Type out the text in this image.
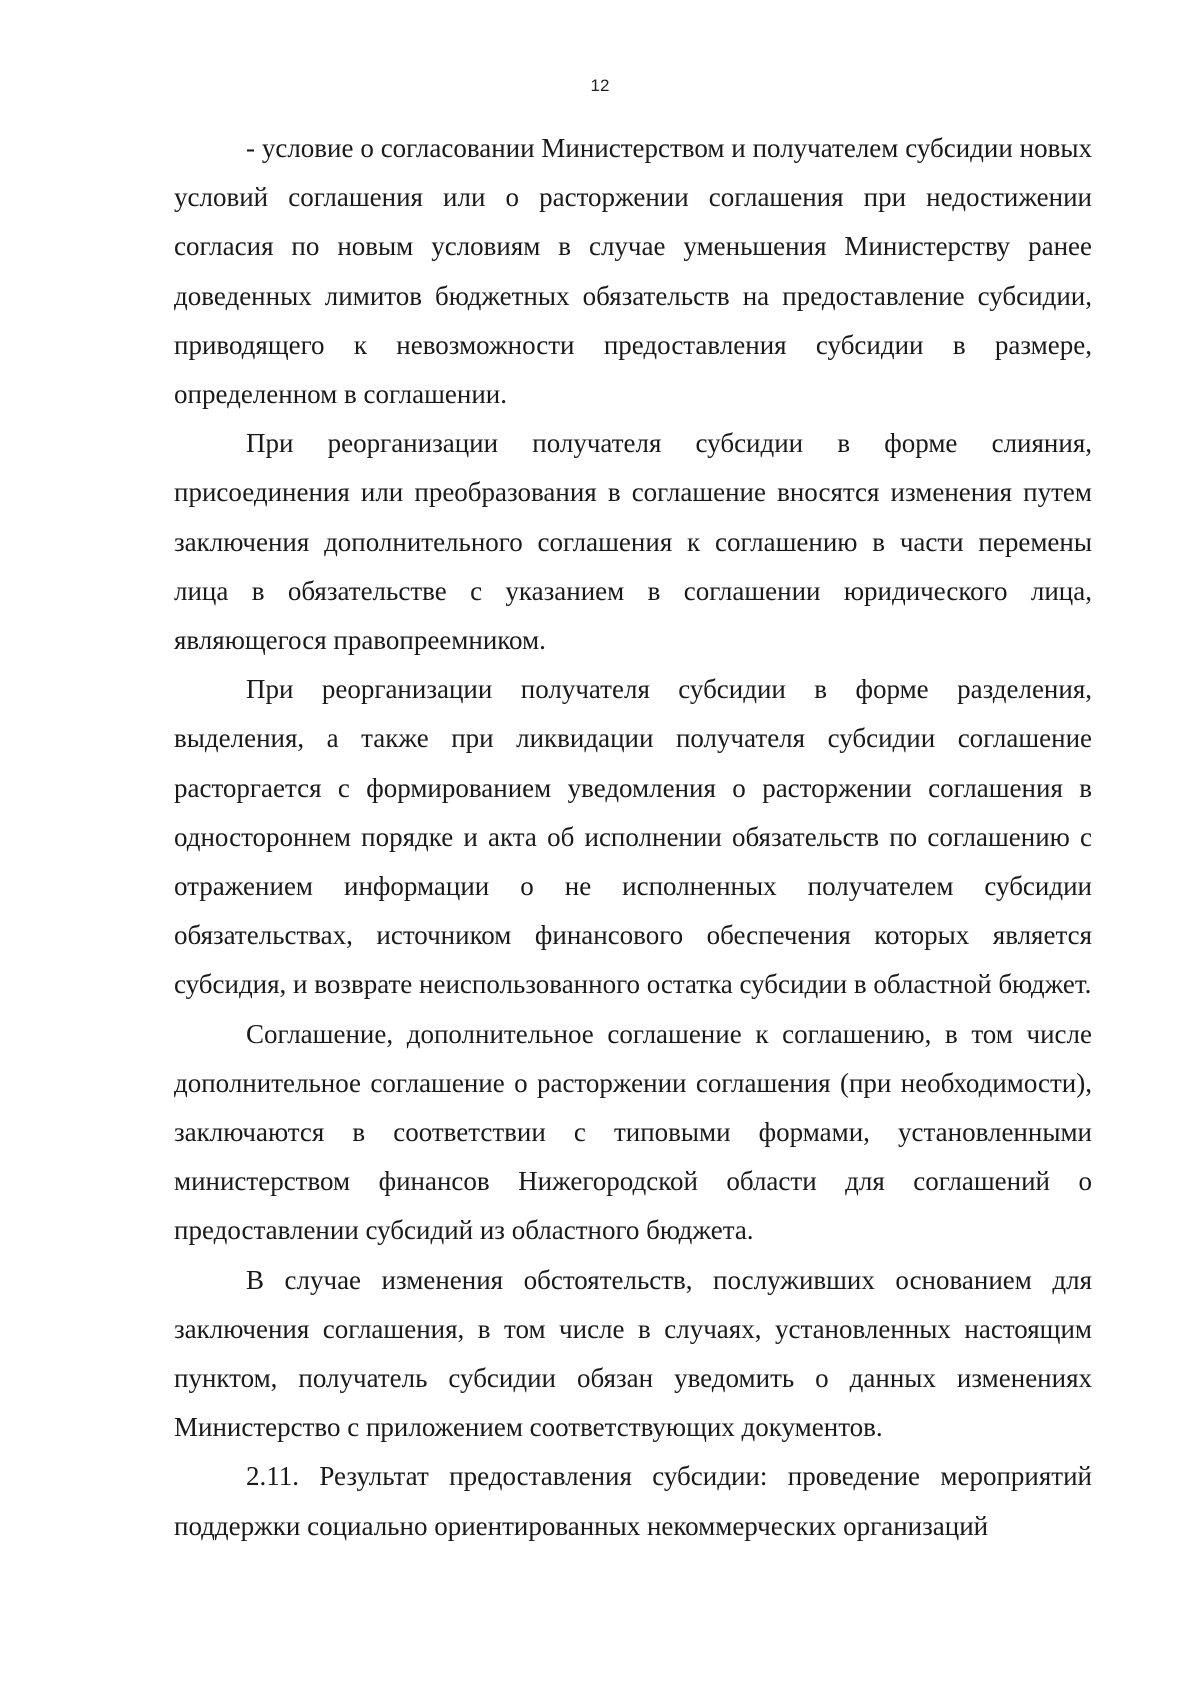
12

- условие о согласовании Министерством и получателем субсидии новых условий соглашения или о расторжении соглашения при недостижении согласия по новым условиям в случае уменьшения Министерству ранее доведенных лимитов бюджетных обязательств на предоставление субсидии, приводящего к невозможности предоставления субсидии в размере, определенном в соглашении.

При реорганизации получателя субсидии в форме слияния, присоединения или преобразования в соглашение вносятся изменения путем заключения дополнительного соглашения к соглашению в части перемены лица в обязательстве с указанием в соглашении юридического лица, являющегося правопреемником.

При реорганизации получателя субсидии в форме разделения, выделения, а также при ликвидации получателя субсидии соглашение расторгается с формированием уведомления о расторжении соглашения в одностороннем порядке и акта об исполнении обязательств по соглашению с отражением информации о не исполненных получателем субсидии обязательствах, источником финансового обеспечения которых является субсидия, и возврате неиспользованного остатка субсидии в областной бюджет.

Соглашение, дополнительное соглашение к соглашению, в том числе дополнительное соглашение о расторжении соглашения (при необходимости), заключаются в соответствии с типовыми формами, установленными министерством финансов Нижегородской области для соглашений о предоставлении субсидий из областного бюджета.

В случае изменения обстоятельств, послуживших основанием для заключения соглашения, в том числе в случаях, установленных настоящим пунктом, получатель субсидии обязан уведомить о данных изменениях Министерство с приложением соответствующих документов.

2.11. Результат предоставления субсидии: проведение мероприятий поддержки социально ориентированных некоммерческих организаций
